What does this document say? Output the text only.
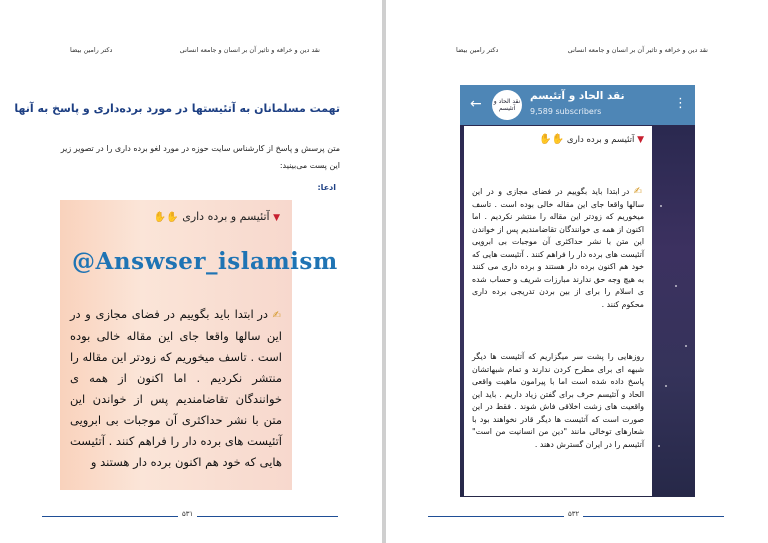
نقد دین و خرافه و تاثیر آن بر انسان و جامعه انسانی
دکتر رامین بیضا
تهمت مسلمانان به آتئیستها در مورد برده‌داری و پاسخ به آنها
متن پرسش و پاسخ از کارشناس سایت حوزه در مورد لغو برده داری را در تصویر زیر این پست می‌بینید:
ادعا:
▼ آتئیسم و برده داری ✋✋
@Answser_islamism
✍ در ابتدا باید بگوییم در فضای مجازی و در این سالها واقعا جای این مقاله خالی بوده است . تاسف میخوریم که زودتر این مقاله را منتشر نکردیم . اما اکنون از همه ی خوانندگان تقاضامندیم پس از خواندن این متن با نشر حداکثری آن موجبات بی ابرویی آتئیست های برده دار را فراهم کنند . آتئیست هایی که خود هم اکنون برده دار هستند و
۵۳۱
نقد دین و خرافه و تاثیر آن بر انسان و جامعه انسانی
دکتر رامین بیضا
← نقد الحاد و آتئیسم
نقد الحاد و آتئیسم
9,589 subscribers
⋮
▼ آتئیسم و برده داری ✋✋
✍ در ابتدا باید بگوییم در فضای مجازی و در این سالها واقعا جای این مقاله خالی بوده است . تاسف میخوریم که زودتر این مقاله را منتشر نکردیم . اما اکنون از همه ی خوانندگان تقاضامندیم پس از خواندن این متن با نشر حداکثری آن موجبات بی ابرویی آتئیست های برده دار را فراهم کنند . آتئیست هایی که خود هم اکنون برده دار هستند و برده داری می کنند به هیچ وجه حق ندارند مبارزات شریف و حساب شده ی اسلام را برای از بین بردن تدریجی برده داری محکوم کنند .
روزهایی را پشت سر میگزاریم که آتئیست ها دیگر شبهه ای برای مطرح کردن ندارند و تمام شبهاتشان پاسخ داده شده است اما با پیرامون ماهیت واقعی الحاد و آتئیسم حرف برای گفتن زیاد داریم . باید این واقعیت های زشت اخلاقی فاش شوند . فقط در این صورت است که آتئیست ها دیگر قادر نخواهند بود با شعارهای توخالی مانند "دین من انسانیت من است" آتئیسم را در ایران گسترش دهند .
۵۳۲
